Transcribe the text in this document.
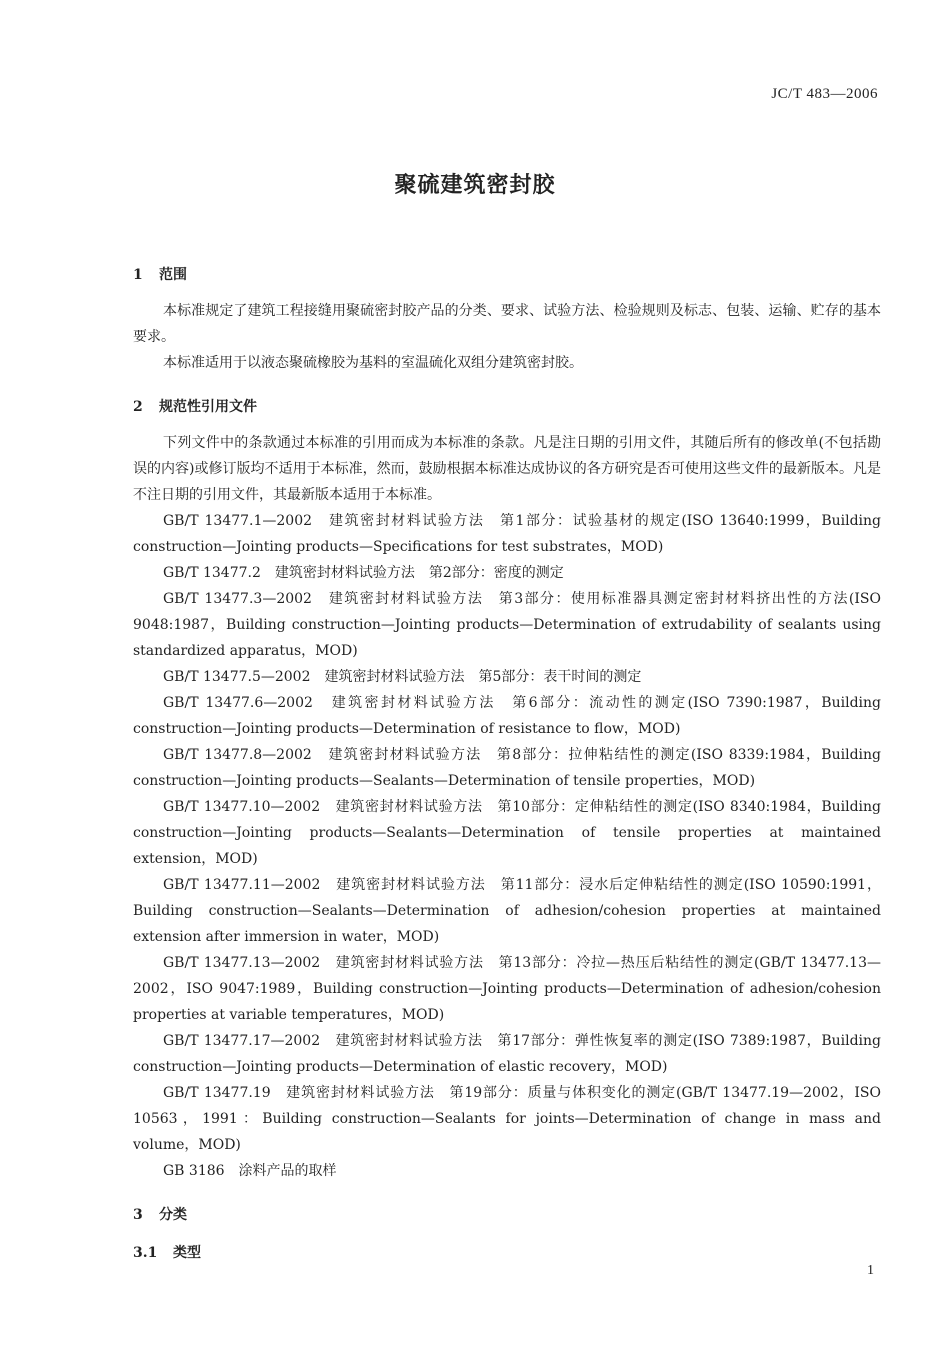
JC/T 483—2006
聚硫建筑密封胶
1 范围

本标准规定了建筑工程接缝用聚硫密封胶产品的分类、要求、试验方法、检验规则及标志、包装、运输、贮存的基本要求。

本标准适用于以液态聚硫橡胶为基料的室温硫化双组分建筑密封胶。

2 规范性引用文件

下列文件中的条款通过本标准的引用而成为本标准的条款。凡是注日期的引用文件，其随后所有的修改单(不包括勘误的内容)或修订版均不适用于本标准，然而，鼓励根据本标准达成协议的各方研究是否可使用这些文件的最新版本。凡是不注日期的引用文件，其最新版本适用于本标准。

GB/T 13477.1—2002　建筑密封材料试验方法　第1部分：试验基材的规定(ISO 13640:1999，Building construction—Jointing products—Specifications for test substrates，MOD)

GB/T 13477.2　建筑密封材料试验方法　第2部分：密度的测定

GB/T 13477.3—2002　建筑密封材料试验方法　第3部分：使用标准器具测定密封材料挤出性的方法(ISO 9048:1987，Building construction—Jointing products—Determination of extrudability of sealants using standardized apparatus，MOD)

GB/T 13477.5—2002　建筑密封材料试验方法　第5部分：表干时间的测定

GB/T 13477.6—2002　建筑密封材料试验方法　第6部分：流动性的测定(ISO 7390:1987，Building construction—Jointing products—Determination of resistance to flow，MOD)

GB/T 13477.8—2002　建筑密封材料试验方法　第8部分：拉伸粘结性的测定(ISO 8339:1984，Building construction—Jointing products—Sealants—Determination of tensile properties，MOD)

GB/T 13477.10—2002　建筑密封材料试验方法　第10部分：定伸粘结性的测定(ISO 8340:1984，Building construction—Jointing products—Sealants—Determination of tensile properties at maintained extension，MOD)

GB/T 13477.11—2002　建筑密封材料试验方法　第11部分：浸水后定伸粘结性的测定(ISO 10590:1991，Building construction—Sealants—Determination of adhesion/cohesion properties at maintained extension after immersion in water，MOD)

GB/T 13477.13—2002　建筑密封材料试验方法　第13部分：冷拉—热压后粘结性的测定(GB/T 13477.13—2002，ISO 9047:1989，Building construction—Jointing products—Determination of adhesion/cohesion properties at variable temperatures，MOD)

GB/T 13477.17—2002　建筑密封材料试验方法　第17部分：弹性恢复率的测定(ISO 7389:1987，Building construction—Jointing products—Determination of elastic recovery，MOD)

GB/T 13477.19　建筑密封材料试验方法　第19部分：质量与体积变化的测定(GB/T 13477.19—2002，ISO 10563，1991：Building construction—Sealants for joints—Determination of change in mass and volume，MOD)

GB 3186　涂料产品的取样

3 分类
3.1 类型
1
